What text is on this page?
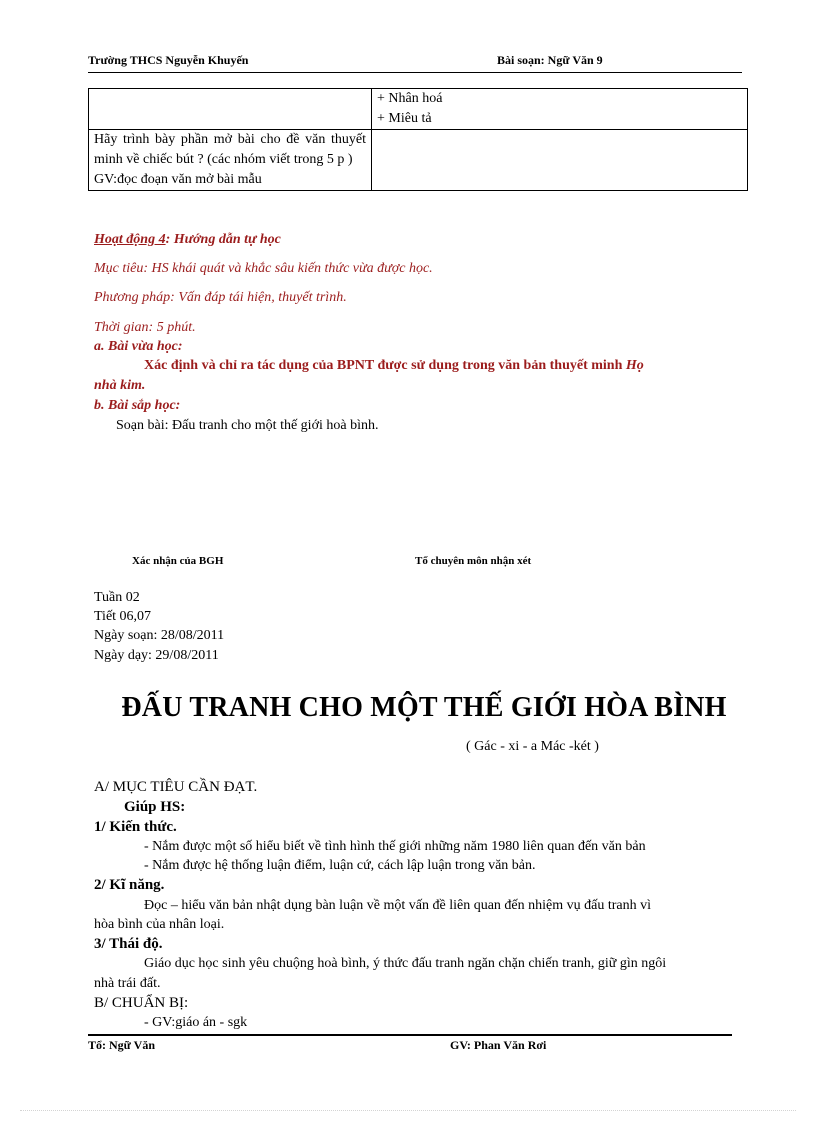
Trường THCS Nguyễn Khuyến	Bài soạn: Ngữ Văn 9

	+ Nhân hoá
+ Miêu tả

Hãy trình bày phần mở bài cho đề văn thuyết minh về chiếc bút ? (các nhóm viết trong 5 p )
GV:đọc đoạn văn mở bài mẫu	

Hoạt động 4: Hướng dẫn tự học
Mục tiêu: HS khái quát và khắc sâu kiến thức vừa được học.
Phương pháp: Vấn đáp tái hiện, thuyết trình.
Thời gian: 5 phút.
a. Bài vừa học:
Xác định và chỉ ra tác dụng của BPNT được sử dụng trong văn bản thuyết minh Họ
nhà kim.
b. Bài sắp học:
Soạn bài: Đấu tranh cho một thế giới hoà bình.
Xác nhận của BGH	Tổ chuyên môn nhận xét
Tuần 02
Tiết 06,07
Ngày soạn: 28/08/2011
Ngày dạy: 29/08/2011
ĐẤU TRANH CHO MỘT THẾ GIỚI HÒA BÌNH
( Gác - xi - a Mác -két )
A/ MỤC TIÊU CẦN ĐẠT.
Giúp HS:
1/ Kiến thức.
- Nắm được một số hiểu biết về tình hình thế giới những năm 1980 liên quan đến văn bản
- Nắm được hệ thống luận điểm, luận cứ, cách lập luận trong văn bản.
2/ Kĩ năng.
Đọc – hiểu văn bản nhật dụng bàn luận về một vấn đề liên quan đến nhiệm vụ đấu tranh vì
hòa bình của nhân loại.
3/ Thái độ.
Giáo dục học sinh yêu chuộng hoà bình, ý thức đấu tranh ngăn chặn chiến tranh, giữ gìn ngôi
nhà trái đất.
B/ CHUẨN BỊ:
- GV:giáo án - sgk
Tổ: Ngữ Văn	GV: Phan Văn Rơi
